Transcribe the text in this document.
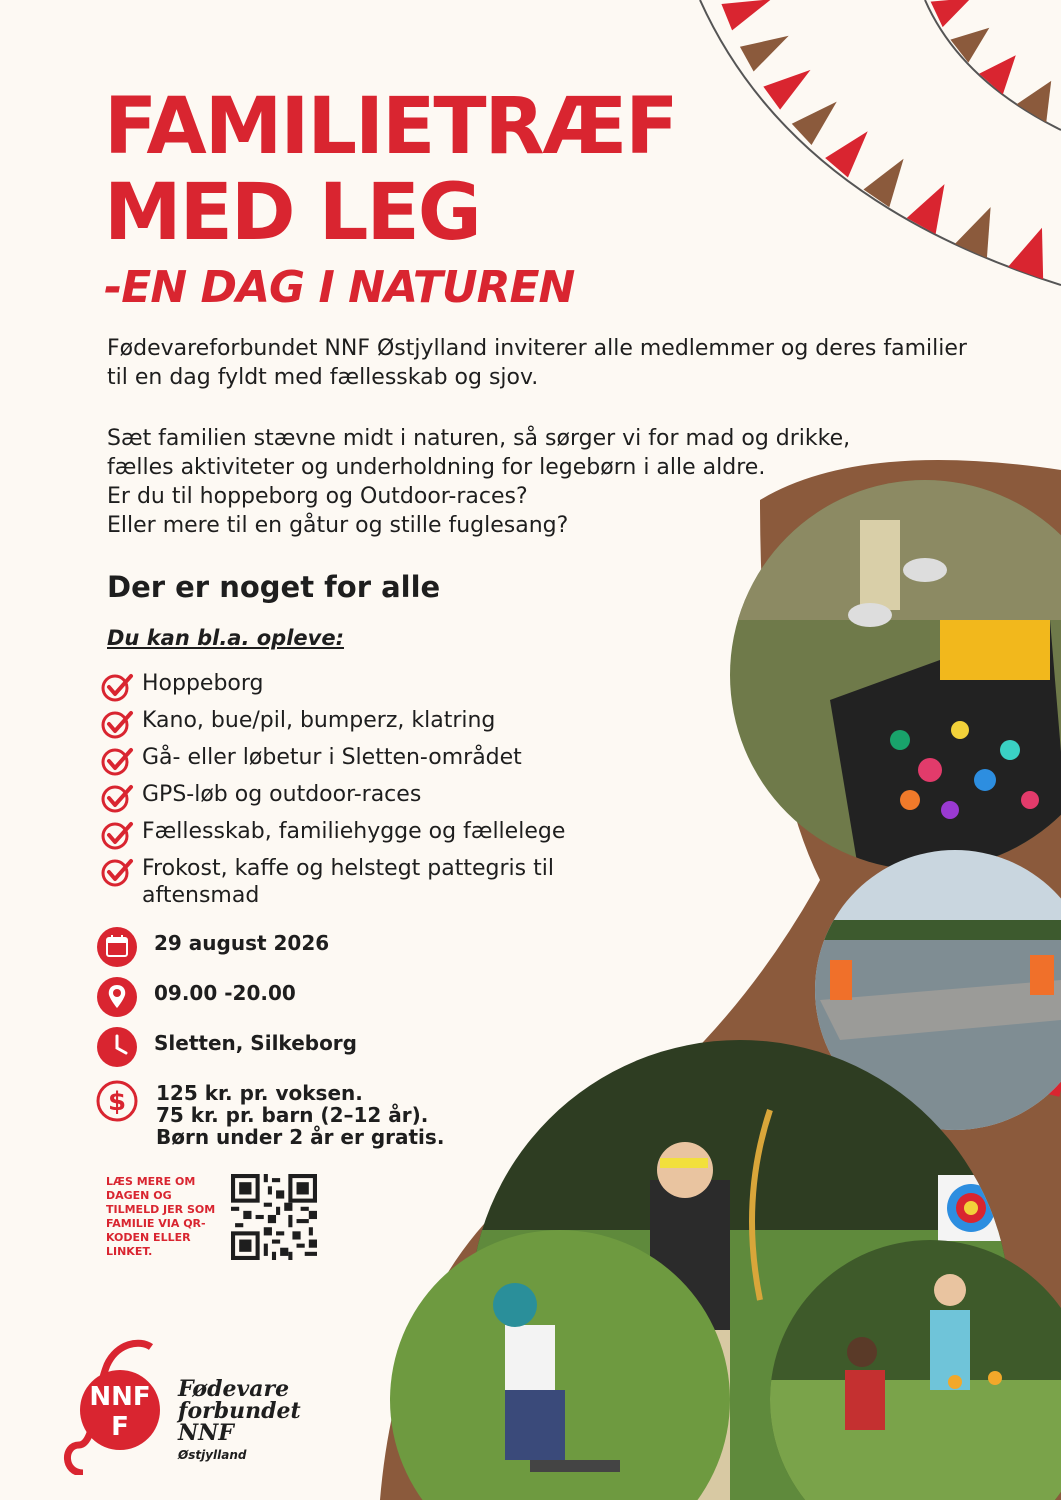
FAMILIETRÆF
MED LEG
-EN DAG I NATUREN

Fødevareforbundet NNF Østjylland inviterer alle medlemmer og deres familier til en dag fyldt med fællesskab og sjov.

Sæt familien stævne midt i naturen, så sørger vi for mad og drikke,
fælles aktiviteter og underholdning for legebørn i alle aldre.
Er du til hoppeborg og Outdoor-races?
Eller mere til en gåtur og stille fuglesang?

Der er noget for alle

Du kan bl.a. opleve:

Hoppeborg
Kano, bue/pil, bumperz, klatring
Gå- eller løbetur i Sletten-området
GPS-løb og outdoor-races
Fællesskab, familiehygge og fællelege
Frokost, kaffe og helstegt pattegris til aftensmad
29 august 2026
09.00 -20.00
Sletten, Silkeborg
$ 125 kr. pr. voksen.
75 kr. pr. barn (2–12 år).
Børn under 2 år er gratis.

LÆS MERE OM DAGEN OG TILMELD JER SOM FAMILIE VIA QR-KODEN ELLER LINKET.

NNF
F
Fødevare
forbundet
NNF
Østjylland
